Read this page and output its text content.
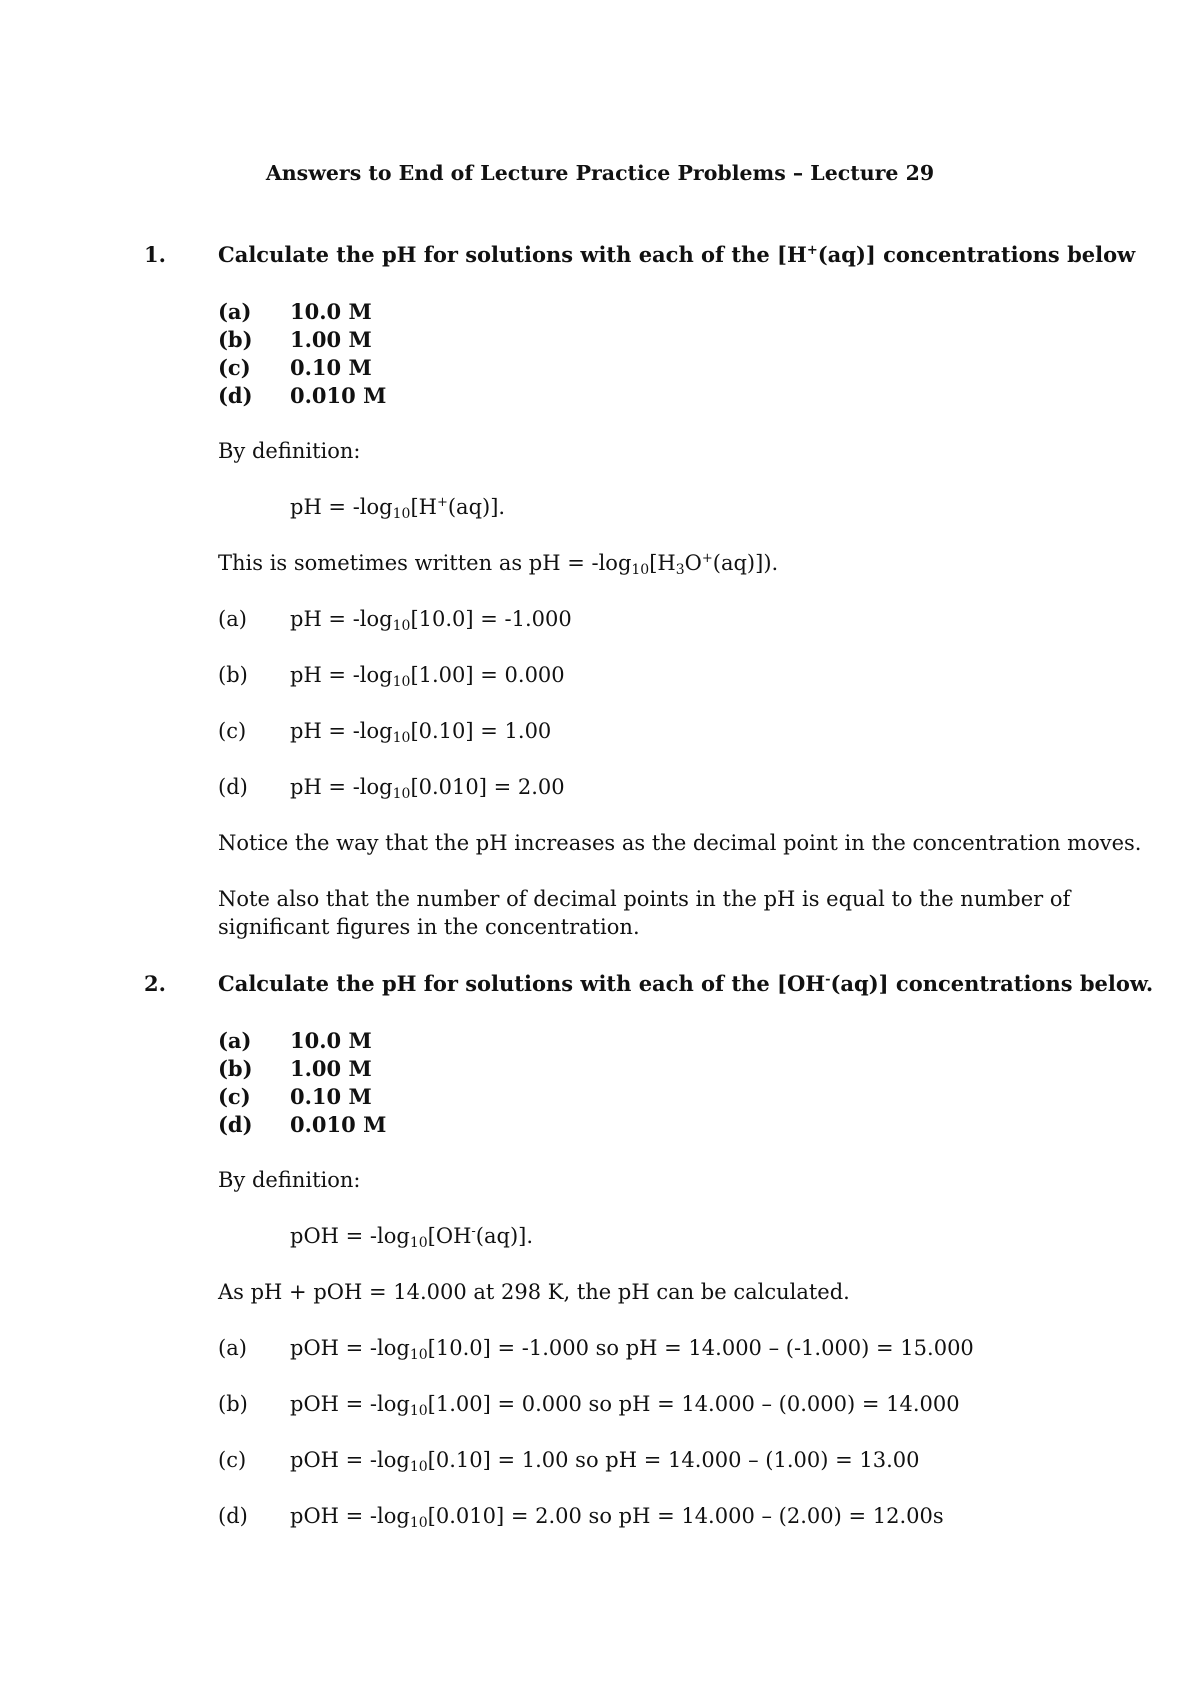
Answers to End of Lecture Practice Problems – Lecture 29
1. Calculate the pH for solutions with each of the [H+(aq)] concentrations below
(a) 10.0 M
(b) 1.00 M
(c) 0.10 M
(d) 0.010 M
By definition:
pH = $-\log_{10}[H^+(aq)]$.
This is sometimes written as pH = $-\log_{10}[H_3O^+(aq)]$).
(a) pH = $-\log_{10}[10.0] = -1.000$
(b) pH = $-\log_{10}[1.00] = 0.000$
(c) pH = $-\log_{10}[0.10] = 1.00$
(d) pH = $-\log_{10}[0.010] = 2.00$
Notice the way that the pH increases as the decimal point in the concentration moves.
Note also that the number of decimal points in the pH is equal to the number of
significant figures in the concentration.
2. Calculate the pH for solutions with each of the [OH-(aq)] concentrations below.
(a) 10.0 M
(b) 1.00 M
(c) 0.10 M
(d) 0.010 M
By definition:
pOH = $-\log_{10}[OH^-(aq)]$.
As pH + pOH = 14.000 at 298 K, the pH can be calculated.
(a) pOH = $-\log_{10}[10.0] = -1.000$ so pH = 14.000 – (-1.000) = 15.000
(b) pOH = $-\log_{10}[1.00] = 0.000$ so pH = 14.000 – (0.000) = 14.000
(c) pOH = $-\log_{10}[0.10] = 1.00$ so pH = 14.000 – (1.00) = 13.00
(d) pOH = $-\log_{10}[0.010] = 2.00$ so pH = 14.000 – (2.00) = 12.00s
